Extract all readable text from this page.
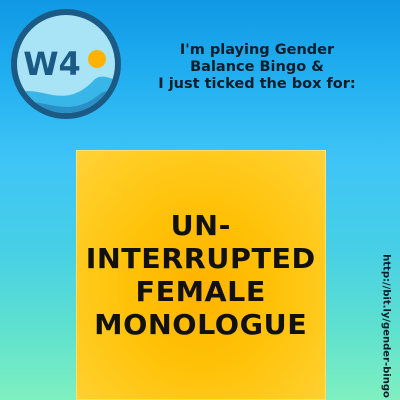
W4	I'm playing Gender
Balance Bingo &
I just ticked the box for:
UN-
INTERRUPTED
FEMALE
MONOLOGUE	http://bit.ly/gender-bingo
